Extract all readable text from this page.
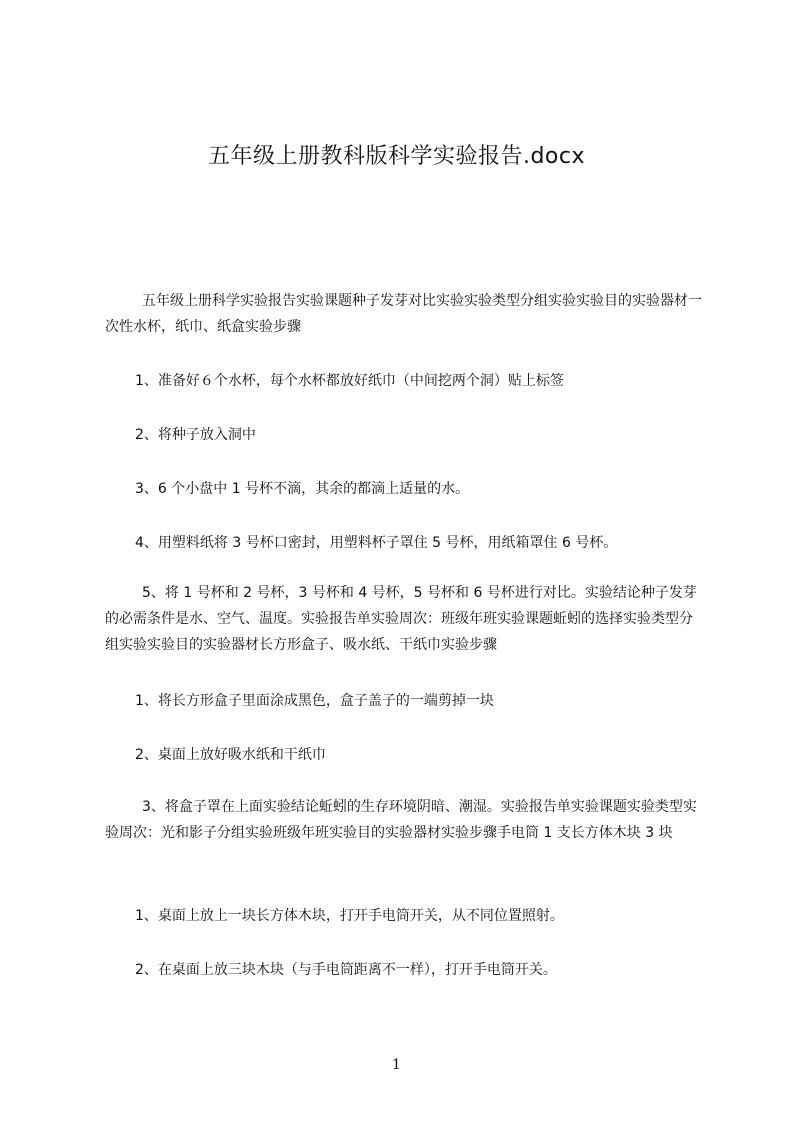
五年级上册教科版科学实验报告.docx

五年级上册科学实验报告实验课题种子发芽对比实验实验类型分组实验实验目的实验器材一次性水杯，纸巾、纸盒实验步骤

1、准备好６个水杯，每个水杯都放好纸巾（中间挖两个洞）贴上标签

2、将种子放入洞中

3、6 个小盘中 1 号杯不滴，其余的都滴上适量的水。

4、用塑料纸将 3 号杯口密封，用塑料杯子罩住 5 号杯，用纸箱罩住 6 号杯。

5、将 1 号杯和 2 号杯，3 号杯和 4 号杯，5 号杯和 6 号杯进行对比。实验结论种子发芽的必需条件是水、空气、温度。实验报告单实验周次：班级年班实验课题蚯蚓的选择实验类型分组实验实验目的实验器材长方形盒子、吸水纸、干纸巾实验步骤

1、将长方形盒子里面涂成黑色，盒子盖子的一端剪掉一块

2、桌面上放好吸水纸和干纸巾

3、将盒子罩在上面实验结论蚯蚓的生存环境阴暗、潮湿。实验报告单实验课题实验类型实验周次：光和影子分组实验班级年班实验目的实验器材实验步骤手电筒 1 支长方体木块 3 块

1、桌面上放上一块长方体木块，打开手电筒开关，从不同位置照射。

2、在桌面上放三块木块（与手电筒距离不一样），打开手电筒开关。

1
